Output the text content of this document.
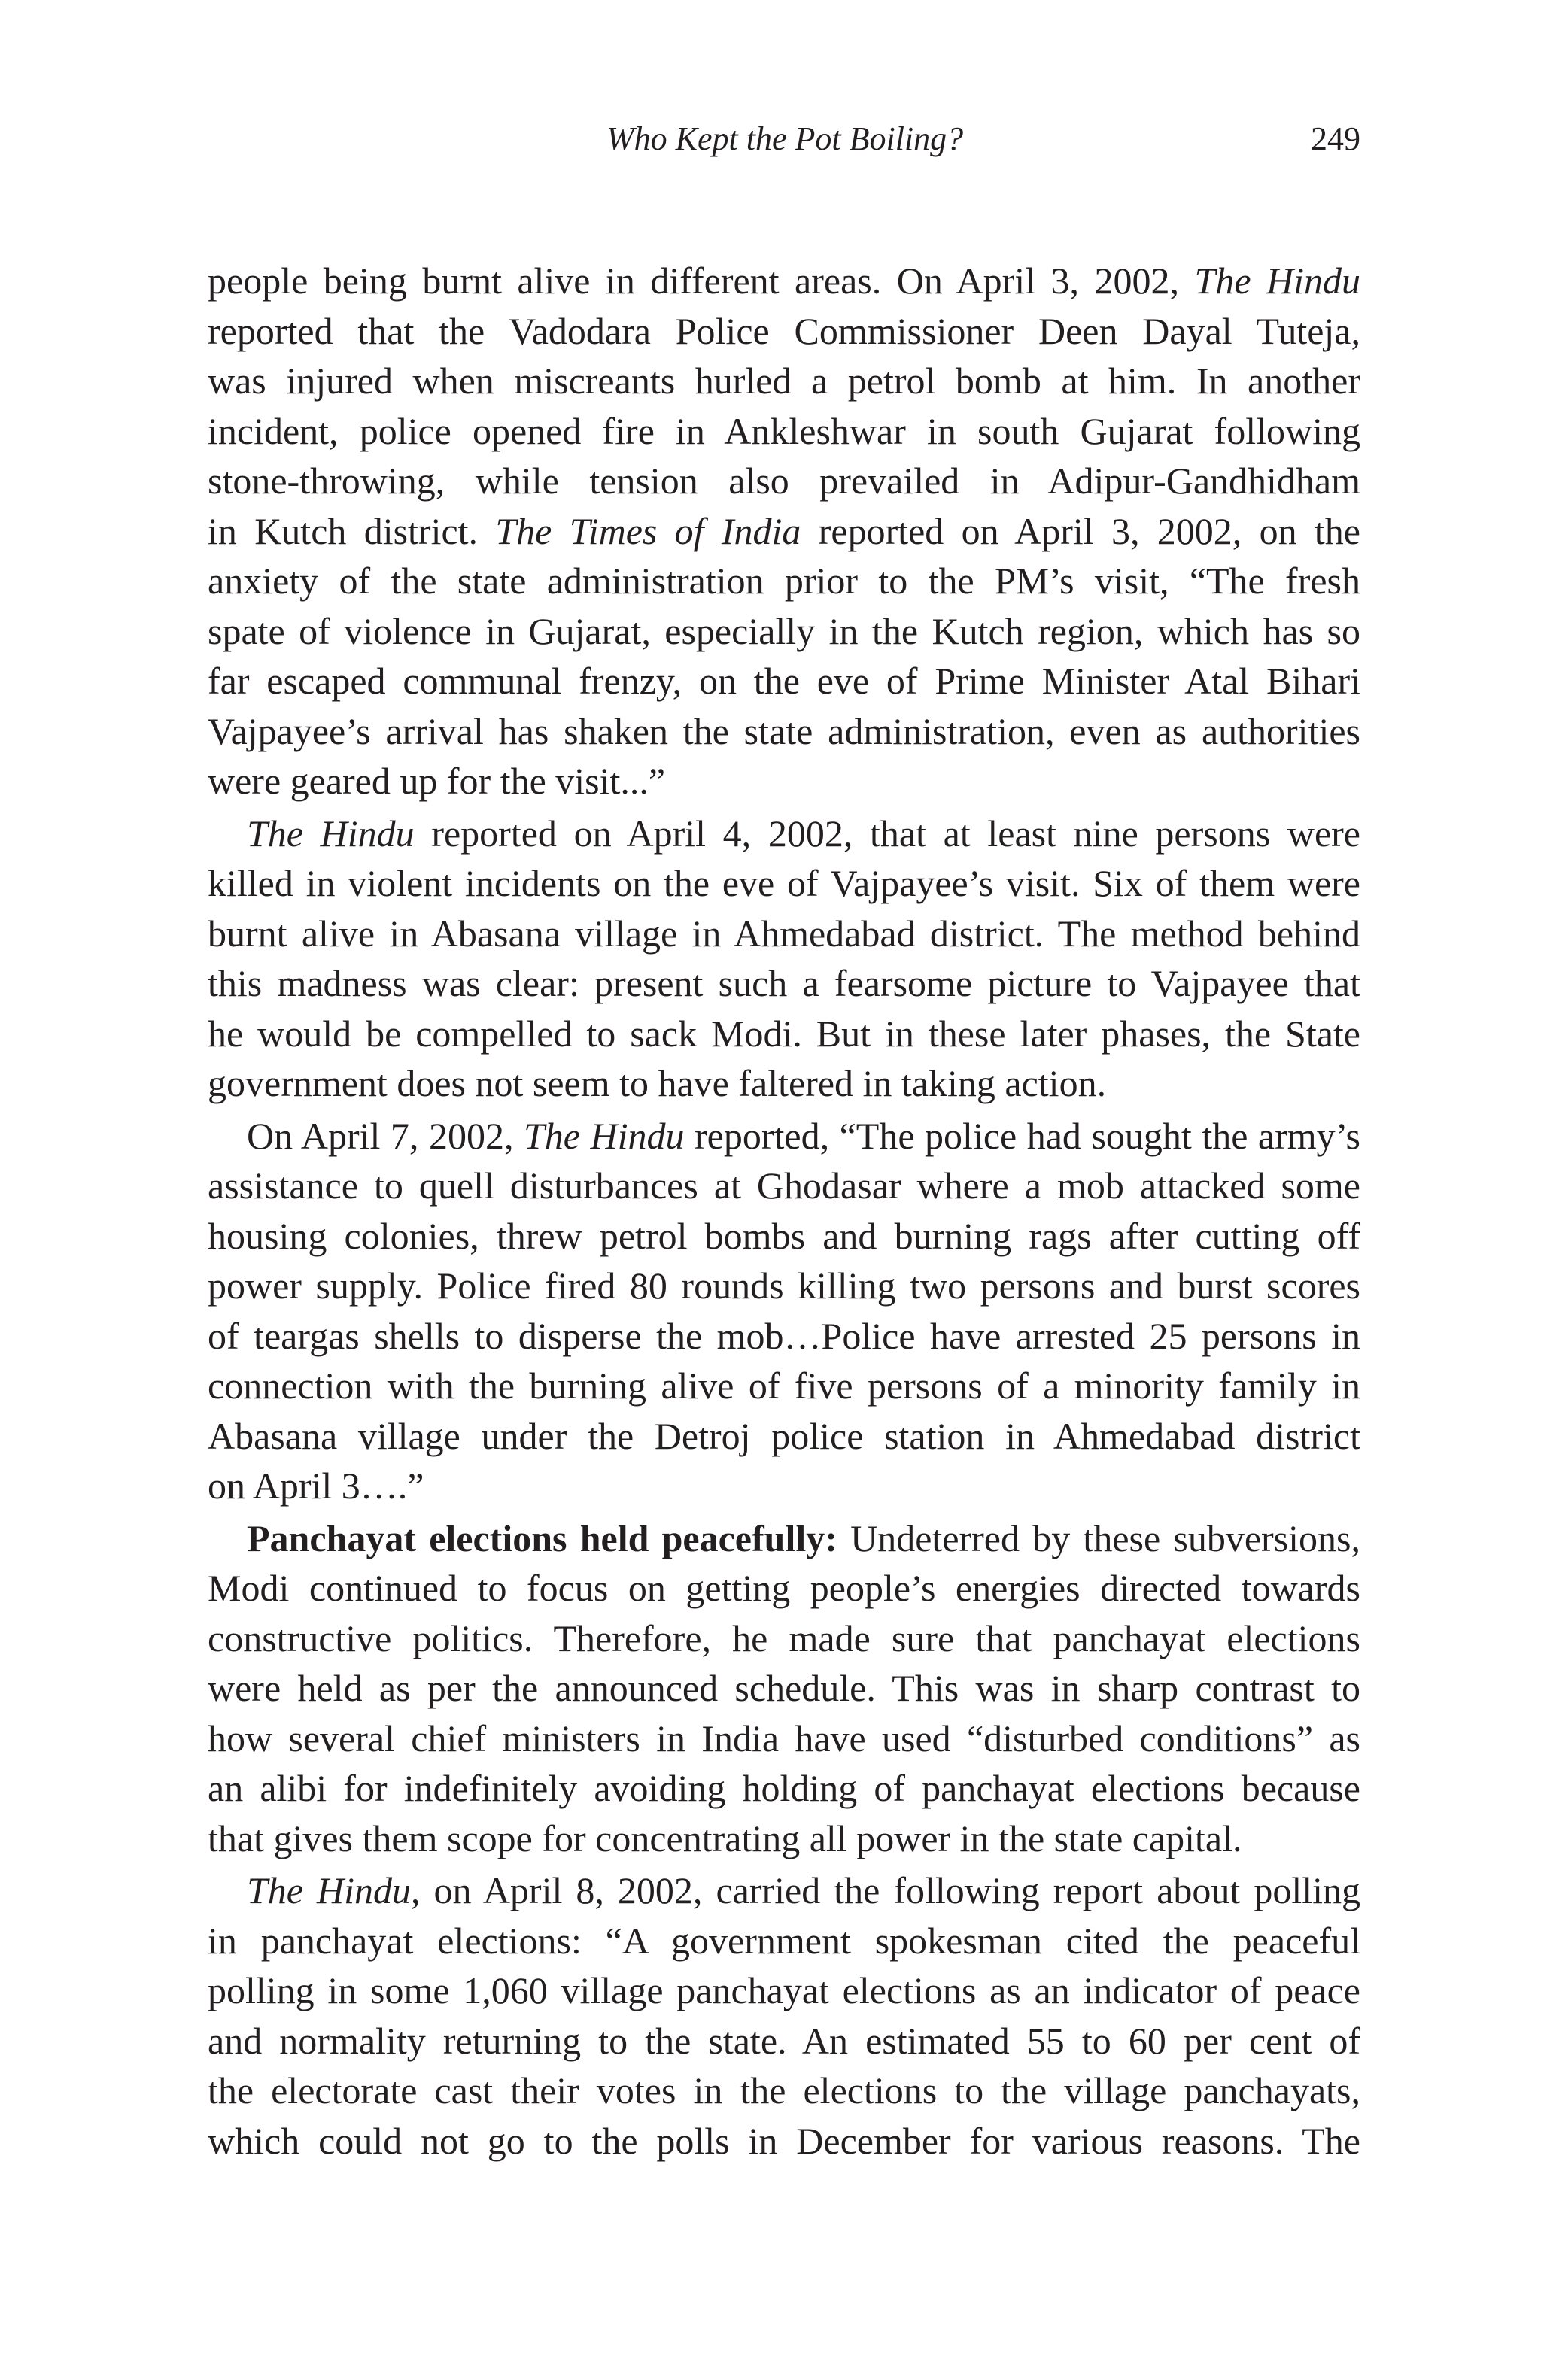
Who Kept the Pot Boiling?	249

people being burnt alive in different areas. On April 3, 2002, The Hindu
reported that the Vadodara Police Commissioner Deen Dayal Tuteja,
was injured when miscreants hurled a petrol bomb at him. In another
incident, police opened fire in Ankleshwar in south Gujarat following
stone-throwing, while tension also prevailed in Adipur-Gandhidham
in Kutch district. The Times of India reported on April 3, 2002, on the
anxiety of the state administration prior to the PM’s visit, “The fresh
spate of violence in Gujarat, especially in the Kutch region, which has so
far escaped communal frenzy, on the eve of Prime Minister Atal Bihari
Vajpayee’s arrival has shaken the state administration, even as authorities
were geared up for the visit...”

The Hindu reported on April 4, 2002, that at least nine persons were
killed in violent incidents on the eve of Vajpayee’s visit. Six of them were
burnt alive in Abasana village in Ahmedabad district. The method behind
this madness was clear: present such a fearsome picture to Vajpayee that
he would be compelled to sack Modi. But in these later phases, the State
government does not seem to have faltered in taking action.

On April 7, 2002, The Hindu reported, “The police had sought the army’s
assistance to quell disturbances at Ghodasar where a mob attacked some
housing colonies, threw petrol bombs and burning rags after cutting off
power supply. Police fired 80 rounds killing two persons and burst scores
of teargas shells to disperse the mob…Police have arrested 25 persons in
connection with the burning alive of five persons of a minority family in
Abasana village under the Detroj police station in Ahmedabad district
on April 3….”

Panchayat elections held peacefully: Undeterred by these subversions,
Modi continued to focus on getting people’s energies directed towards
constructive politics. Therefore, he made sure that panchayat elections
were held as per the announced schedule. This was in sharp contrast to
how several chief ministers in India have used “disturbed conditions” as
an alibi for indefinitely avoiding holding of panchayat elections because
that gives them scope for concentrating all power in the state capital.

The Hindu, on April 8, 2002, carried the following report about polling
in panchayat elections: “A government spokesman cited the peaceful
polling in some 1,060 village panchayat elections as an indicator of peace
and normality returning to the state. An estimated 55 to 60 per cent of
the electorate cast their votes in the elections to the village panchayats,
which could not go to the polls in December for various reasons. The
